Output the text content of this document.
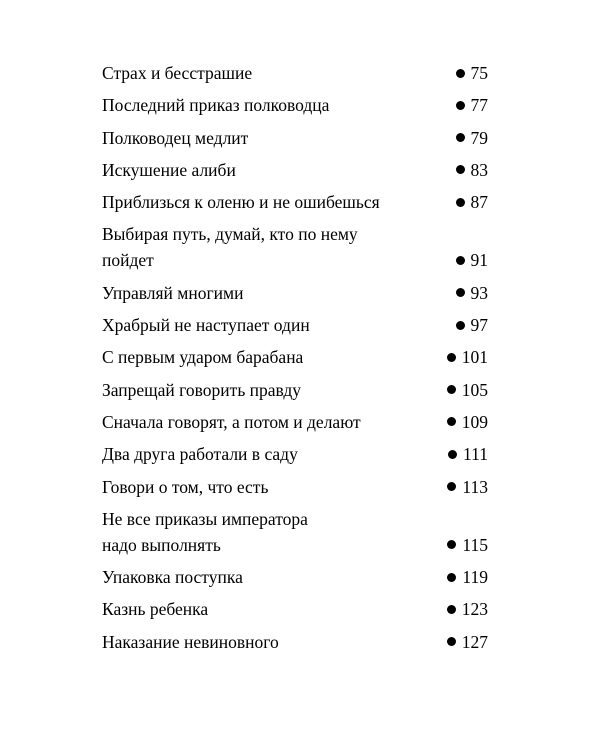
Страх и бесстрашие	75
Последний приказ полководца	77
Полководец медлит	79
Искушение алиби	83
Приблизься к оленю и не ошибешься	87
Выбирая путь, думай, кто по нему
пойдет	91
Управляй многими	93
Храбрый не наступает один	97
С первым ударом барабана	101
Запрещай говорить правду	105
Сначала говорят, а потом и делают	109
Два друга работали в саду	111
Говори о том, что есть	113
Не все приказы императора
надо выполнять	115
Упаковка поступка	119
Казнь ребенка	123
Наказание невиновного	127
